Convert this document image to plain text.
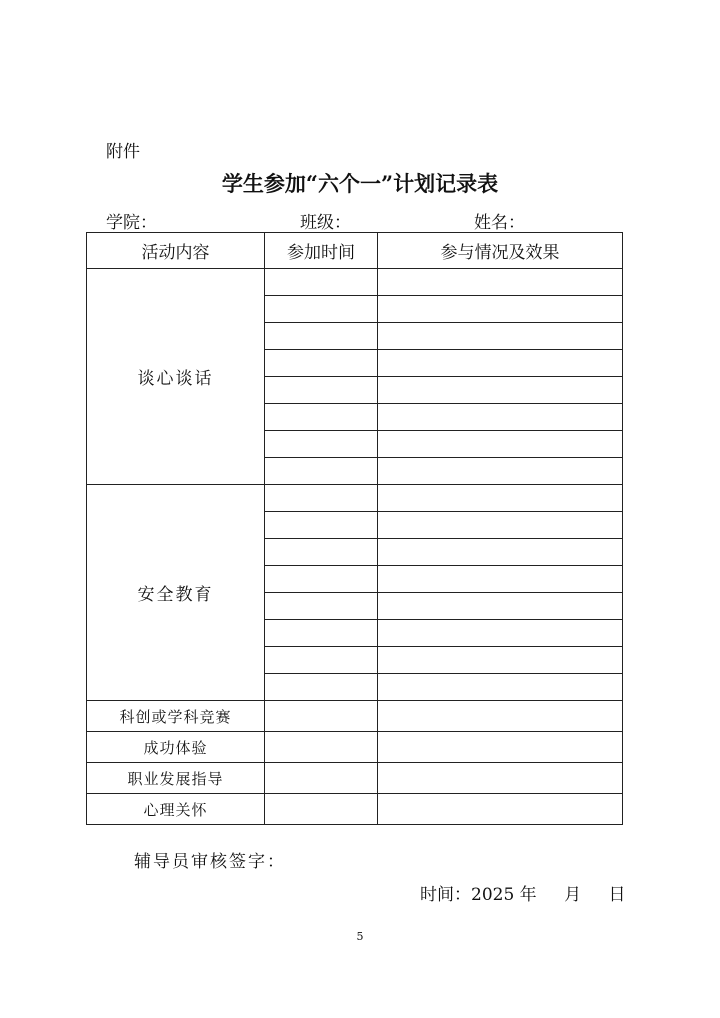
附件
学生参加“六个一”计划记录表
学院：	班级：	姓名：
活动内容	参加时间	参与情况及效果
谈心谈话		

安全教育		

科创或学科竞赛		
成功体验		
职业发展指导		
心理关怀		
辅导员审核签字：
时间：2025 年 月 日
5
